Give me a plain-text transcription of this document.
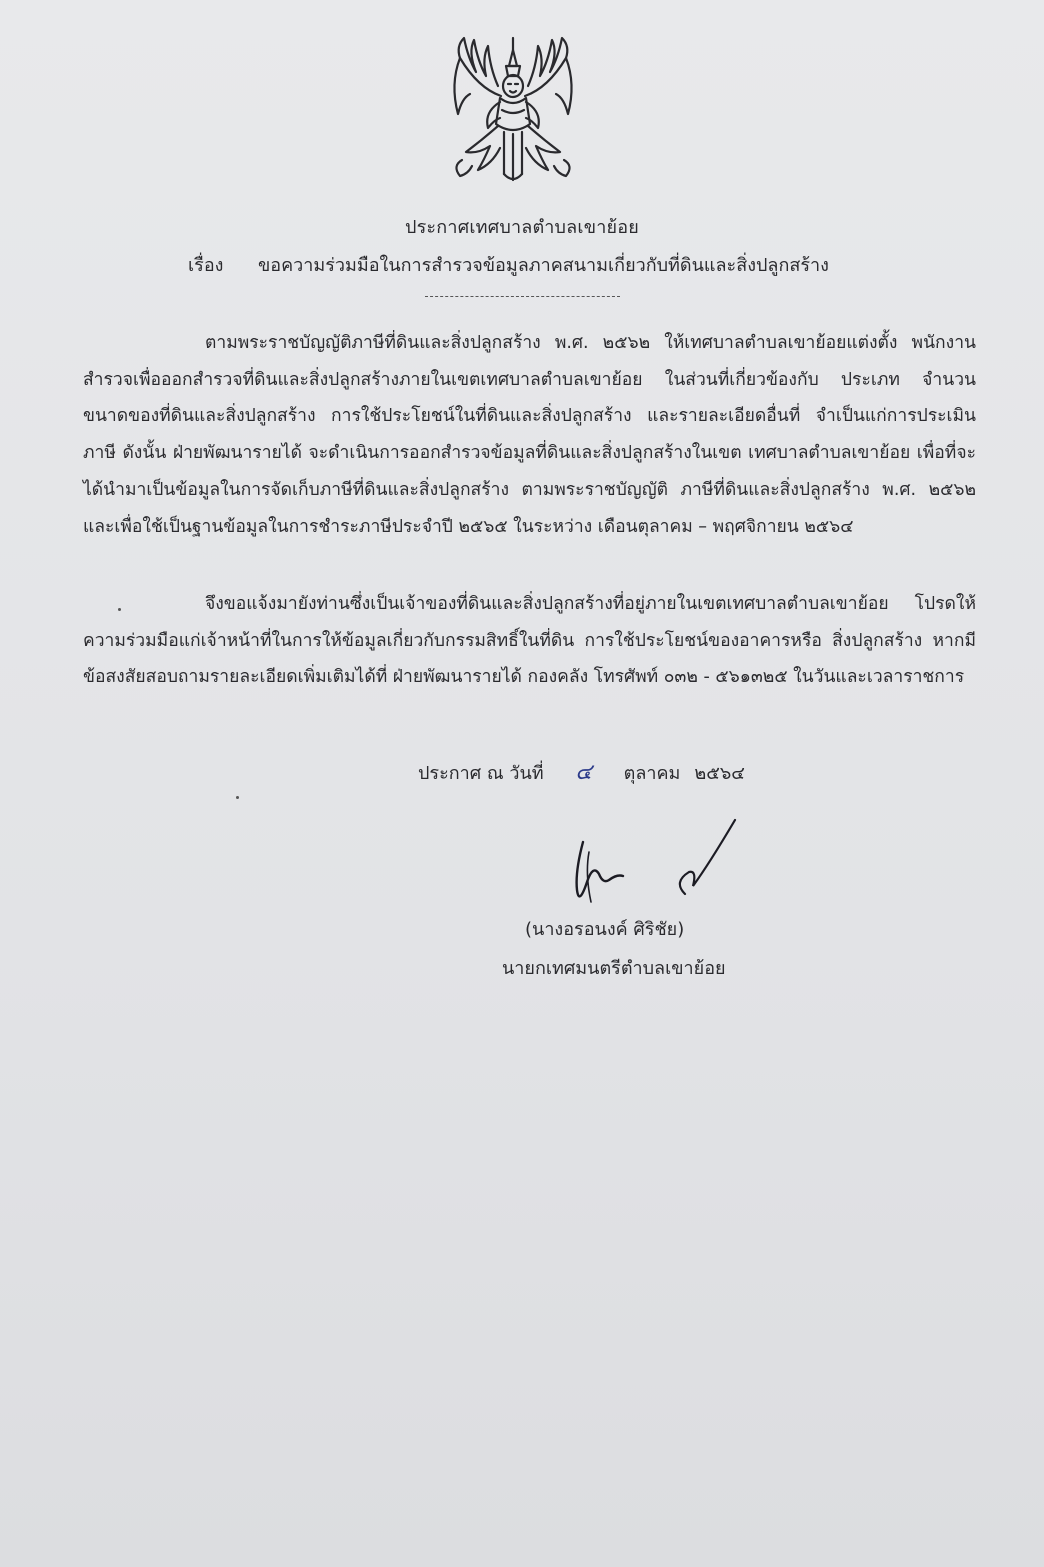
ประกาศเทศบาลตำบลเขาย้อย
เรื่อง ขอความร่วมมือในการสำรวจข้อมูลภาคสนามเกี่ยวกับที่ดินและสิ่งปลูกสร้าง

ตามพระราชบัญญัติภาษีที่ดินและสิ่งปลูกสร้าง พ.ศ. ๒๕๖๒ ให้เทศบาลตำบลเขาย้อยแต่งตั้ง พนักงานสำรวจเพื่อออกสำรวจที่ดินและสิ่งปลูกสร้างภายในเขตเทศบาลตำบลเขาย้อย ในส่วนที่เกี่ยวข้องกับ ประเภท จำนวน ขนาดของที่ดินและสิ่งปลูกสร้าง การใช้ประโยชน์ในที่ดินและสิ่งปลูกสร้าง และรายละเอียดอื่นที่ จำเป็นแก่การประเมินภาษี ดังนั้น ฝ่ายพัฒนารายได้ จะดำเนินการออกสำรวจข้อมูลที่ดินและสิ่งปลูกสร้างในเขต เทศบาลตำบลเขาย้อย เพื่อที่จะได้นำมาเป็นข้อมูลในการจัดเก็บภาษีที่ดินและสิ่งปลูกสร้าง ตามพระราชบัญญัติ ภาษีที่ดินและสิ่งปลูกสร้าง พ.ศ. ๒๕๖๒ และเพื่อใช้เป็นฐานข้อมูลในการชำระภาษีประจำปี ๒๕๖๕ ในระหว่าง เดือนตุลาคม – พฤศจิกายน ๒๕๖๔

จึงขอแจ้งมายังท่านซึ่งเป็นเจ้าของที่ดินและสิ่งปลูกสร้างที่อยู่ภายในเขตเทศบาลตำบลเขาย้อย โปรดให้ความร่วมมือแก่เจ้าหน้าที่ในการให้ข้อมูลเกี่ยวกับกรรมสิทธิ์ในที่ดิน การใช้ประโยชน์ของอาคารหรือ สิ่งปลูกสร้าง หากมีข้อสงสัยสอบถามรายละเอียดเพิ่มเติมได้ที่ ฝ่ายพัฒนารายได้ กองคลัง โทรศัพท์ ๐๓๒ - ๕๖๑๓๒๕ ในวันและเวลาราชการ

ประกาศ ณ วันที่ ๔ ตุลาคม ๒๕๖๔
(นางอรอนงค์ ศิริชัย)
นายกเทศมนตรีตำบลเขาย้อย
